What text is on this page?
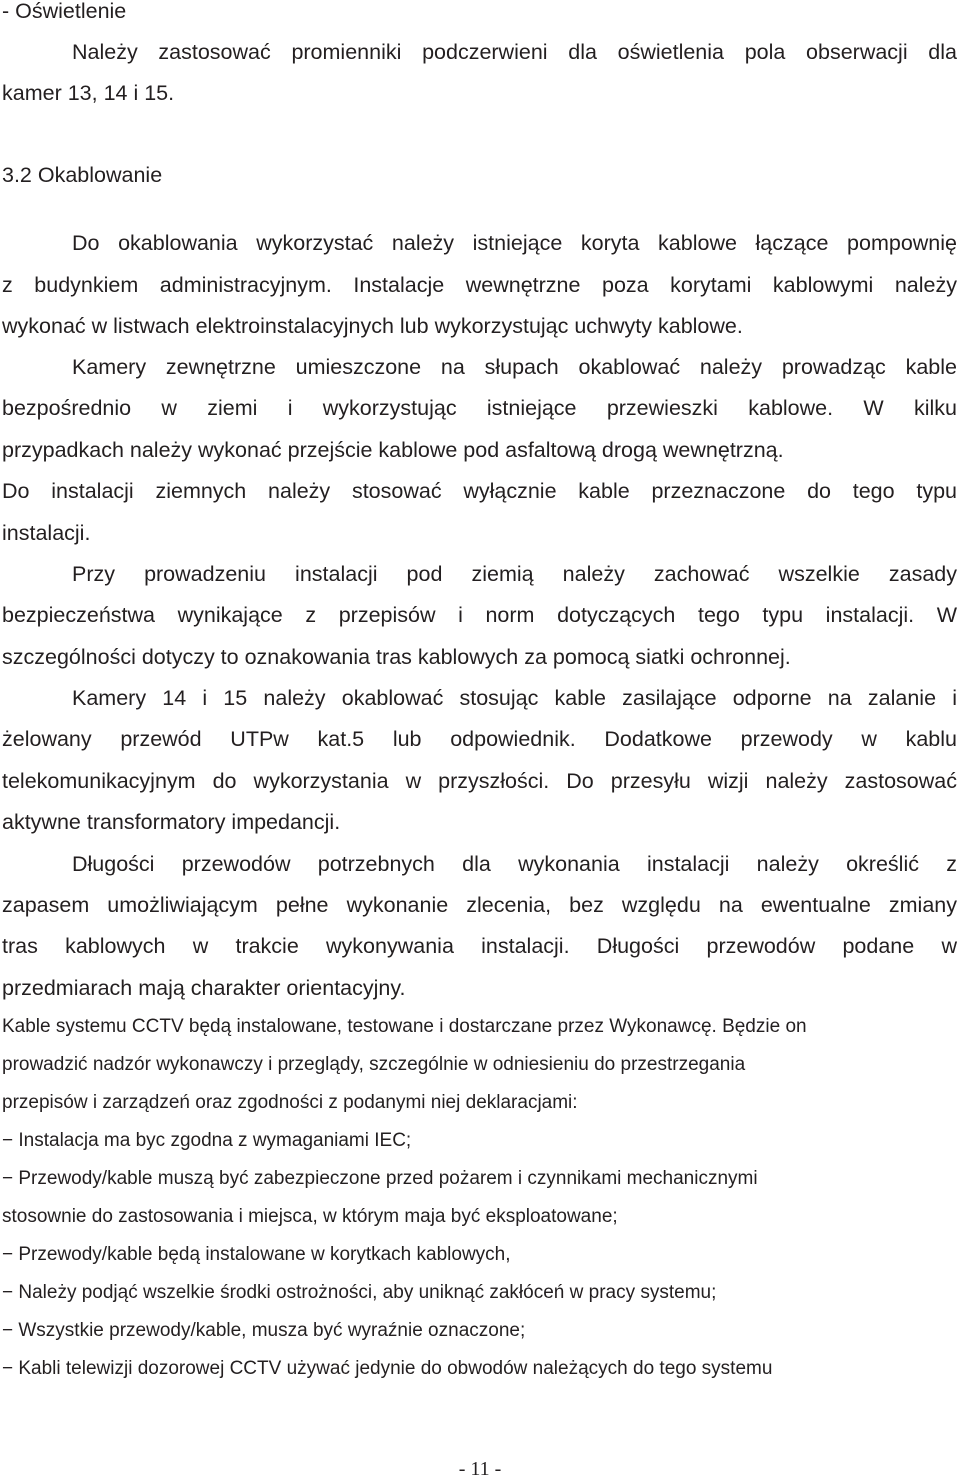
- Oświetlenie
Należy zastosować promienniki podczerwieni dla oświetlenia pola obserwacji dla
kamer 13, 14 i 15.
3.2 Okablowanie
Do okablowania wykorzystać należy istniejące koryta kablowe łączące pompownię
z budynkiem administracyjnym. Instalacje wewnętrzne poza korytami kablowymi należy
wykonać w listwach elektroinstalacyjnych lub wykorzystując uchwyty kablowe.
Kamery zewnętrzne umieszczone na słupach okablować należy prowadząc kable
bezpośrednio w ziemi i wykorzystując istniejące przewieszki kablowe. W kilku
przypadkach należy wykonać przejście kablowe pod asfaltową drogą wewnętrzną.
Do instalacji ziemnych należy stosować wyłącznie kable przeznaczone do tego typu
instalacji.
Przy prowadzeniu instalacji pod ziemią należy zachować wszelkie zasady
bezpieczeństwa wynikające z przepisów i norm dotyczących tego typu instalacji. W
szczególności dotyczy to oznakowania tras kablowych za pomocą siatki ochronnej.
Kamery 14 i 15 należy okablować stosując kable zasilające odporne na zalanie i
żelowany przewód UTPw kat.5 lub odpowiednik. Dodatkowe przewody w kablu
telekomunikacyjnym do wykorzystania w przyszłości. Do przesyłu wizji należy zastosować
aktywne transformatory impedancji.
Długości przewodów potrzebnych dla wykonania instalacji należy określić z
zapasem umożliwiającym pełne wykonanie zlecenia, bez względu na ewentualne zmiany
tras kablowych w trakcie wykonywania instalacji. Długości przewodów podane w
przedmiarach mają charakter orientacyjny.
Kable systemu CCTV będą instalowane, testowane i dostarczane przez Wykonawcę. Będzie on
prowadzić nadzór wykonawczy i przeglądy, szczególnie w odniesieniu do przestrzegania
przepisów i zarządzeń oraz zgodności z podanymi niej deklaracjami:
− Instalacja ma byc zgodna z wymaganiami IEC;
− Przewody/kable muszą być zabezpieczone przed pożarem i czynnikami mechanicznymi
stosownie do zastosowania i miejsca, w którym maja być eksploatowane;
− Przewody/kable będą instalowane w korytkach kablowych,
− Należy podjąć wszelkie środki ostrożności, aby uniknąć zakłóceń w pracy systemu;
− Wszystkie przewody/kable, musza być wyraźnie oznaczone;
− Kabli telewizji dozorowej CCTV używać jedynie do obwodów należących do tego systemu
- 11 -
